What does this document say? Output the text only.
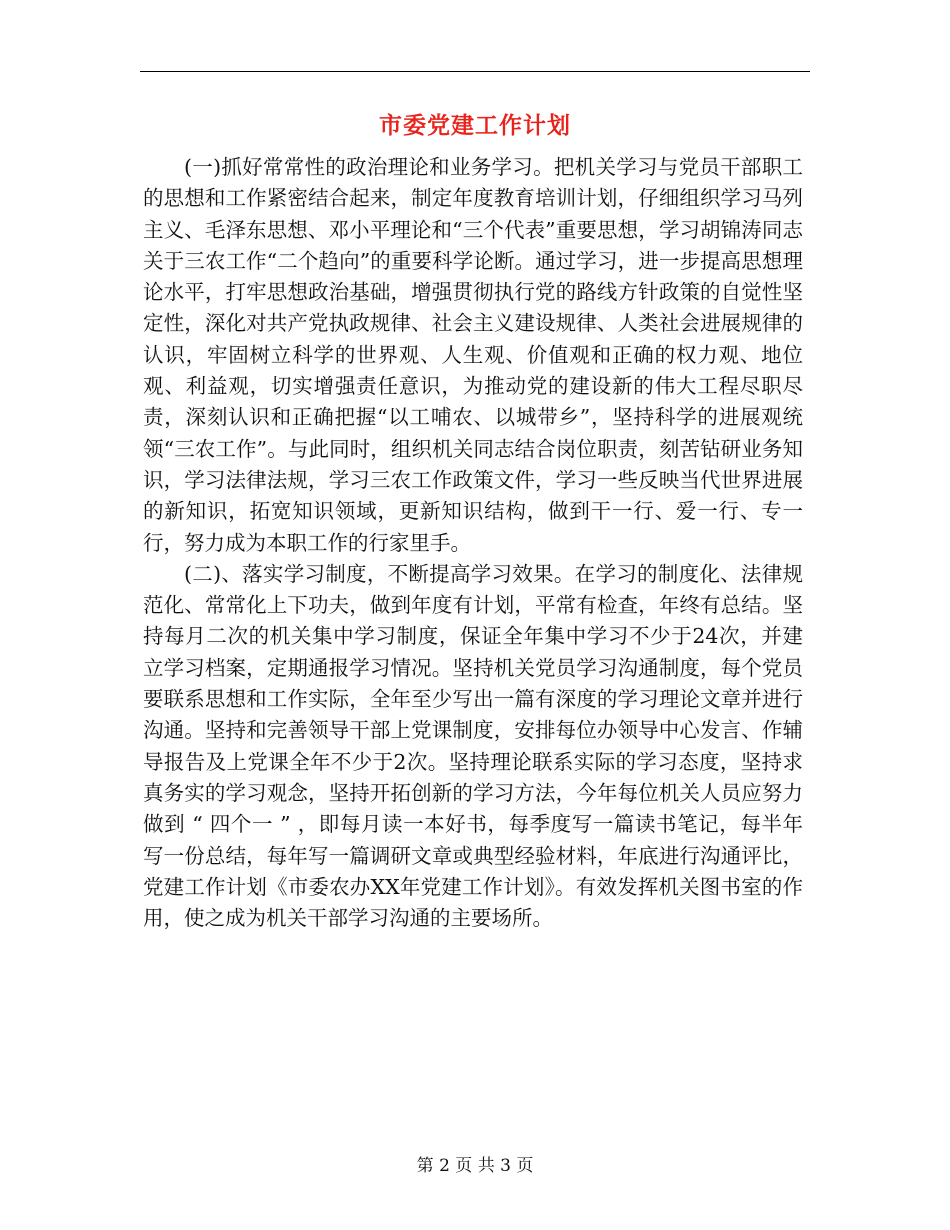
市委党建工作计划

(一)抓好常常性的政治理论和业务学习。把机关学习与党员干部职工的思想和工作紧密结合起来，制定年度教育培训计划，仔细组织学习马列主义、毛泽东思想、邓小平理论和“三个代表”重要思想，学习胡锦涛同志关于三农工作“二个趋向”的重要科学论断。通过学习，进一步提高思想理论水平，打牢思想政治基础，增强贯彻执行党的路线方针政策的自觉性坚定性，深化对共产党执政规律、社会主义建设规律、人类社会进展规律的认识，牢固树立科学的世界观、人生观、价值观和正确的权力观、地位观、利益观，切实增强责任意识，为推动党的建设新的伟大工程尽职尽责，深刻认识和正确把握“以工哺农、以城带乡”，坚持科学的进展观统领“三农工作”。与此同时，组织机关同志结合岗位职责，刻苦钻研业务知识，学习法律法规，学习三农工作政策文件，学习一些反映当代世界进展的新知识，拓宽知识领域，更新知识结构，做到干一行、爱一行、专一行，努力成为本职工作的行家里手。

(二)、落实学习制度，不断提高学习效果。在学习的制度化、法律规范化、常常化上下功夫，做到年度有计划，平常有检查，年终有总结。坚持每月二次的机关集中学习制度，保证全年集中学习不少于24次，并建立学习档案，定期通报学习情况。坚持机关党员学习沟通制度，每个党员要联系思想和工作实际，全年至少写出一篇有深度的学习理论文章并进行沟通。坚持和完善领导干部上党课制度，安排每位办领导中心发言、作辅导报告及上党课全年不少于2次。坚持理论联系实际的学习态度，坚持求真务实的学习观念，坚持开拓创新的学习方法，今年每位机关人员应努力做到 “ 四个一 ” ，即每月读一本好书，每季度写一篇读书笔记，每半年写一份总结，每年写一篇调研文章或典型经验材料，年底进行沟通评比，党建工作计划《市委农办XX年党建工作计划》。有效发挥机关图书室的作用，使之成为机关干部学习沟通的主要场所。

第 2 页 共 3 页
